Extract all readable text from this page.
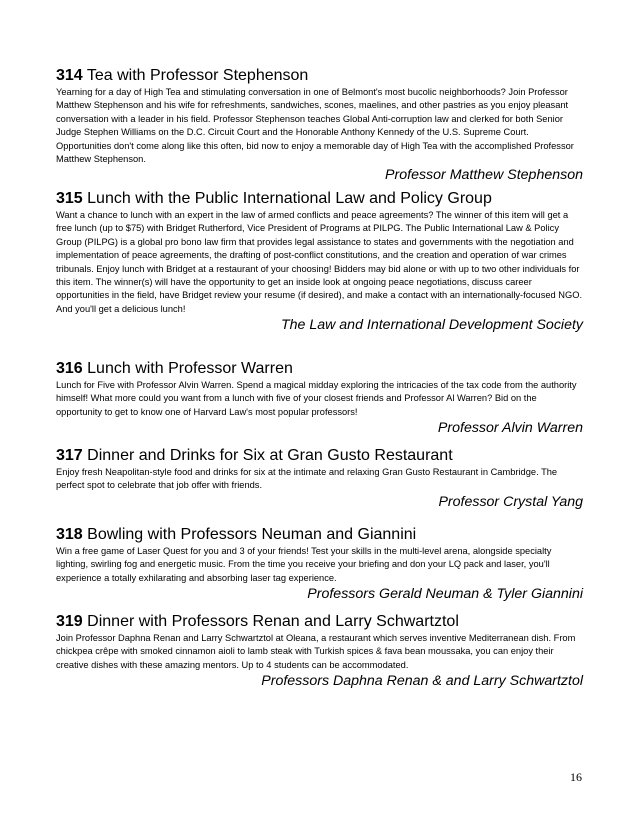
314 Tea with Professor Stephenson

Yearning for a day of High Tea and stimulating conversation in one of Belmont's most bucolic neighborhoods? Join Professor Matthew Stephenson and his wife for refreshments, sandwiches, scones, maelines, and other pastries as you enjoy pleasant conversation with a leader in his field. Professor Stephenson teaches Global Anti-corruption law and clerked for both Senior Judge Stephen Williams on the D.C. Circuit Court and the Honorable Anthony Kennedy of the U.S. Supreme Court. Opportunities don't come along like this often, bid now to enjoy a memorable day of High Tea with the accomplished Professor Matthew Stephenson.

Professor Matthew Stephenson

315 Lunch with the Public International Law and Policy Group

Want a chance to lunch with an expert in the law of armed conflicts and peace agreements? The winner of this item will get a free lunch (up to $75) with Bridget Rutherford, Vice President of Programs at PILPG. The Public International Law & Policy Group (PILPG) is a global pro bono law firm that provides legal assistance to states and governments with the negotiation and implementation of peace agreements, the drafting of post-conflict constitutions, and the creation and operation of war crimes tribunals. Enjoy lunch with Bridget at a restaurant of your choosing! Bidders may bid alone or with up to two other individuals for this item. The winner(s) will have the opportunity to get an inside look at ongoing peace negotiations, discuss career opportunities in the field, have Bridget review your resume (if desired), and make a contact with an internationally-focused NGO. And you'll get a delicious lunch!

The Law and International Development Society

316 Lunch with Professor Warren

Lunch for Five with Professor Alvin Warren. Spend a magical midday exploring the intricacies of the tax code from the authority himself! What more could you want from a lunch with five of your closest friends and Professor Al Warren? Bid on the opportunity to get to know one of Harvard Law's most popular professors!

Professor Alvin Warren

317 Dinner and Drinks for Six at Gran Gusto Restaurant

Enjoy fresh Neapolitan-style food and drinks for six at the intimate and relaxing Gran Gusto Restaurant in Cambridge. The perfect spot to celebrate that job offer with friends.

Professor Crystal Yang

318 Bowling with Professors Neuman and Giannini

Win a free game of Laser Quest for you and 3 of your friends! Test your skills in the multi-level arena, alongside specialty lighting, swirling fog and energetic music. From the time you receive your briefing and don your LQ pack and laser, you'll experience a totally exhilarating and absorbing laser tag experience.

Professors Gerald Neuman & Tyler Giannini

319 Dinner with Professors Renan and Larry Schwartztol

Join Professor Daphna Renan and Larry Schwartztol at Oleana, a restaurant which serves inventive Mediterranean dish. From chickpea crêpe with smoked cinnamon aioli to lamb steak with Turkish spices & fava bean moussaka, you can enjoy their creative dishes with these amazing mentors. Up to 4 students can be accommodated.

Professors Daphna Renan & and Larry Schwartztol

16
